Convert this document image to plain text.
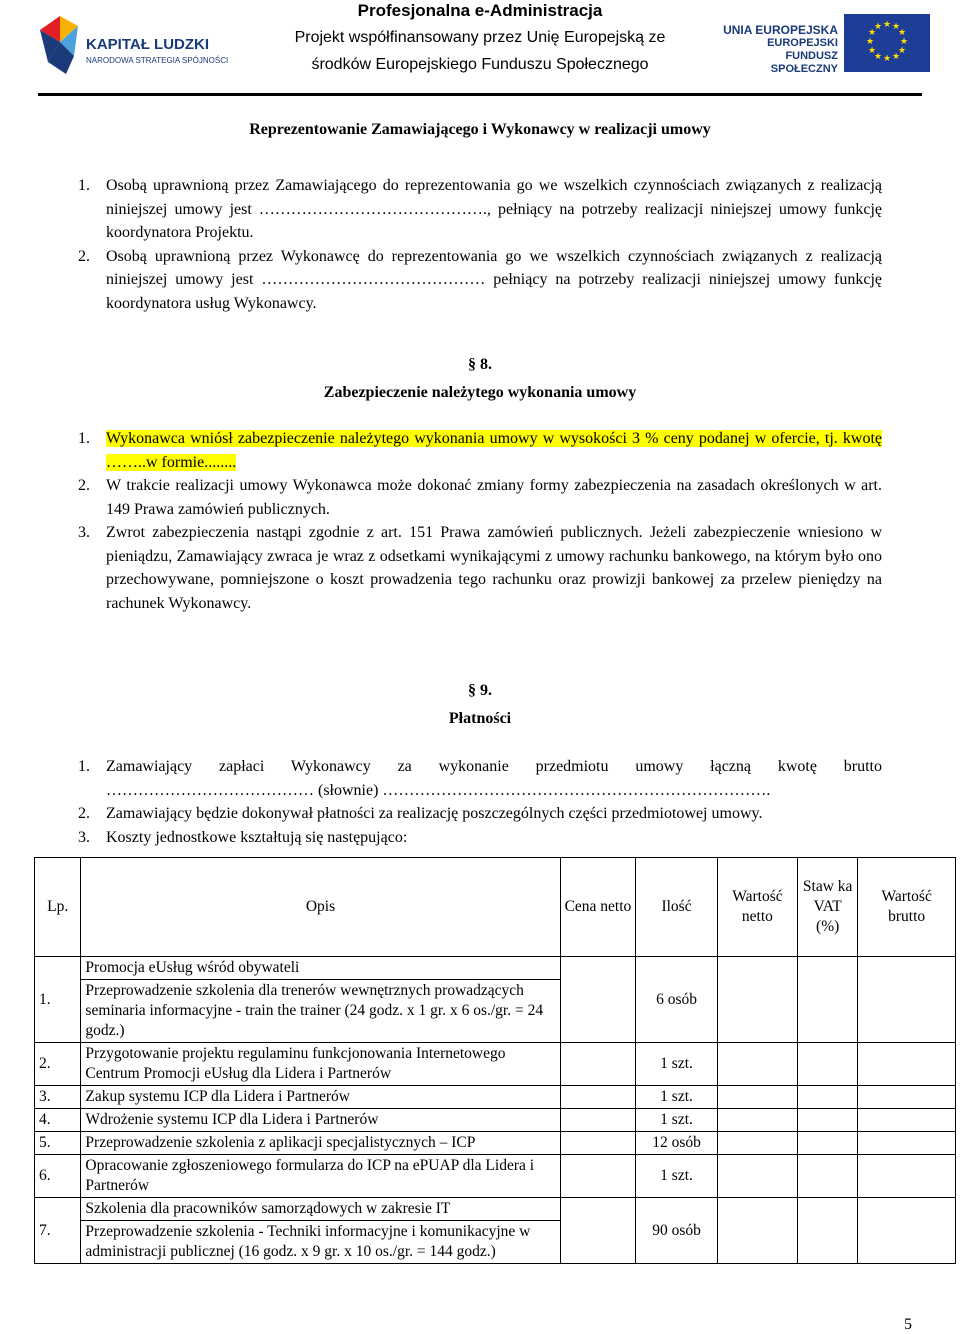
KAPITAŁ LUDZKI
NARODOWA STRATEGIA SPÓJNOŚCI
Profesjonalna e-Administracja
Projekt współfinansowany przez Unię Europejską ze
środków Europejskiego Funduszu Społecznego
UNIA EUROPEJSKA
EUROPEJSKI
FUNDUSZ SPOŁECZNY
★ ★
★
★
★
★
★
★
★
★
★
★
Reprezentowanie Zamawiającego i Wykonawcy w realizacji umowy
1. Osobą uprawnioną przez Zamawiającego do reprezentowania go we wszelkich czynnościach związanych z realizacją niniejszej umowy jest ……………………………………., pełniący na potrzeby realizacji niniejszej umowy funkcję koordynatora Projektu.
2. Osobą uprawnioną przez Wykonawcę do reprezentowania go we wszelkich czynnościach związanych z realizacją niniejszej umowy jest …………………………………… pełniący na potrzeby realizacji niniejszej umowy funkcję koordynatora usług Wykonawcy.
§ 8.
Zabezpieczenie należytego wykonania umowy
1. Wykonawca wniósł zabezpieczenie należytego wykonania umowy w wysokości 3 % ceny podanej w ofercie, tj. kwotę ……..w formie........
2. W trakcie realizacji umowy Wykonawca może dokonać zmiany formy zabezpieczenia na zasadach określonych w art. 149 Prawa zamówień publicznych.
3. Zwrot zabezpieczenia nastąpi zgodnie z art. 151 Prawa zamówień publicznych. Jeżeli zabezpieczenie wniesiono w pieniądzu, Zamawiający zwraca je wraz z odsetkami wynikającymi z umowy rachunku bankowego, na którym było ono przechowywane, pomniejszone o koszt prowadzenia tego rachunku oraz prowizji bankowej za przelew pieniędzy na rachunek Wykonawcy.
§ 9.
Płatności
1. Zamawiający zapłaci Wykonawcy za wykonanie przedmiotu umowy łączną kwotę brutto ………………………………… (słownie) ……………………………………………………………….
2. Zamawiający będzie dokonywał płatności za realizację poszczególnych części przedmiotowej umowy.
3. Koszty jednostkowe kształtują się następująco:
Lp.	Opis	Cena netto	Ilość	Wartość netto	Staw ka VAT (%)	Wartość brutto
1.	Promocja eUsług wśród obywateli		6 osób			
	Przeprowadzenie szkolenia dla trenerów wewnętrznych prowadzących seminaria informacyjne - train the trainer (24 godz. x 1 gr. x 6 os./gr. = 24 godz.)					
2.	Przygotowanie projektu regulaminu funkcjonowania Internetowego Centrum Promocji eUsług dla Lidera i Partnerów		1 szt.			
3.	Zakup systemu ICP dla Lidera i Partnerów		1 szt.			
4.	Wdrożenie systemu ICP dla Lidera i Partnerów		1 szt.			
5.	Przeprowadzenie szkolenia z aplikacji specjalistycznych – ICP		12 osób			
6.	Opracowanie zgłoszeniowego formularza do ICP na ePUAP dla Lidera i Partnerów		1 szt.			
7.	Szkolenia dla pracowników samorządowych w zakresie IT		90 osób			
	Przeprowadzenie szkolenia - Techniki informacyjne i komunikacyjne w administracji publicznej (16 godz. x 9 gr. x 10 os./gr. = 144 godz.)					
5
